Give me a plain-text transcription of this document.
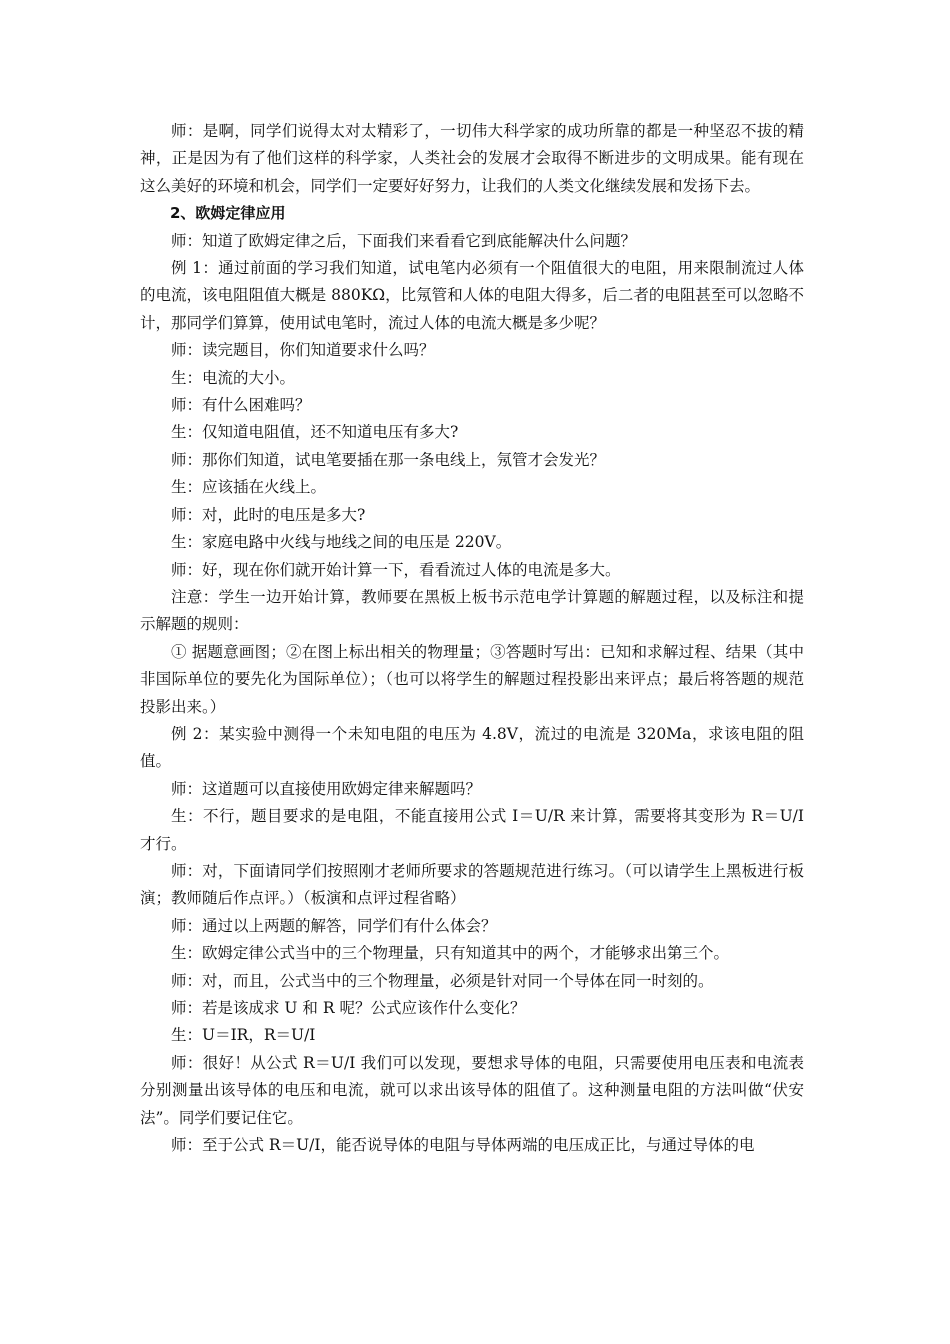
师：是啊，同学们说得太对太精彩了，一切伟大科学家的成功所靠的都是一种坚忍不拔的精神，正是因为有了他们这样的科学家，人类社会的发展才会取得不断进步的文明成果。能有现在这么美好的环境和机会，同学们一定要好好努力，让我们的人类文化继续发展和发扬下去。

2、欧姆定律应用

师：知道了欧姆定律之后，下面我们来看看它到底能解决什么问题？

例 1：通过前面的学习我们知道，试电笔内必须有一个阻值很大的电阻，用来限制流过人体的电流，该电阻阻值大概是 880KΩ，比氖管和人体的电阻大得多，后二者的电阻甚至可以忽略不计，那同学们算算，使用试电笔时，流过人体的电流大概是多少呢？

师：读完题目，你们知道要求什么吗？

生：电流的大小。

师：有什么困难吗？

生：仅知道电阻值，还不知道电压有多大?

师：那你们知道，试电笔要插在那一条电线上，氖管才会发光？

生：应该插在火线上。

师：对，此时的电压是多大?

生：家庭电路中火线与地线之间的电压是 220V。

师：好，现在你们就开始计算一下，看看流过人体的电流是多大。

注意：学生一边开始计算，教师要在黑板上板书示范电学计算题的解题过程，以及标注和提示解题的规则：

① 据题意画图；②在图上标出相关的物理量；③答题时写出：已知和求解过程、结果（其中非国际单位的要先化为国际单位）；（也可以将学生的解题过程投影出来评点；最后将答题的规范投影出来。）

例 2：某实验中测得一个未知电阻的电压为 4.8V，流过的电流是 320Ma，求该电阻的阻值。

师：这道题可以直接使用欧姆定律来解题吗？

生：不行，题目要求的是电阻，不能直接用公式 I＝U/R 来计算，需要将其变形为 R＝U/I 才行。

师：对，下面请同学们按照刚才老师所要求的答题规范进行练习。（可以请学生上黑板进行板演；教师随后作点评。）（板演和点评过程省略）

师：通过以上两题的解答，同学们有什么体会？

生：欧姆定律公式当中的三个物理量，只有知道其中的两个，才能够求出第三个。

师：对，而且，公式当中的三个物理量，必须是针对同一个导体在同一时刻的。

师：若是该成求 U 和 R 呢？公式应该作什么变化？

生：U＝IR，R＝U/I

师：很好！从公式 R＝U/I 我们可以发现，要想求导体的电阻，只需要使用电压表和电流表分别测量出该导体的电压和电流，就可以求出该导体的阻值了。这种测量电阻的方法叫做“伏安法”。同学们要记住它。

师：至于公式 R＝U/I，能否说导体的电阻与导体两端的电压成正比，与通过导体的电
